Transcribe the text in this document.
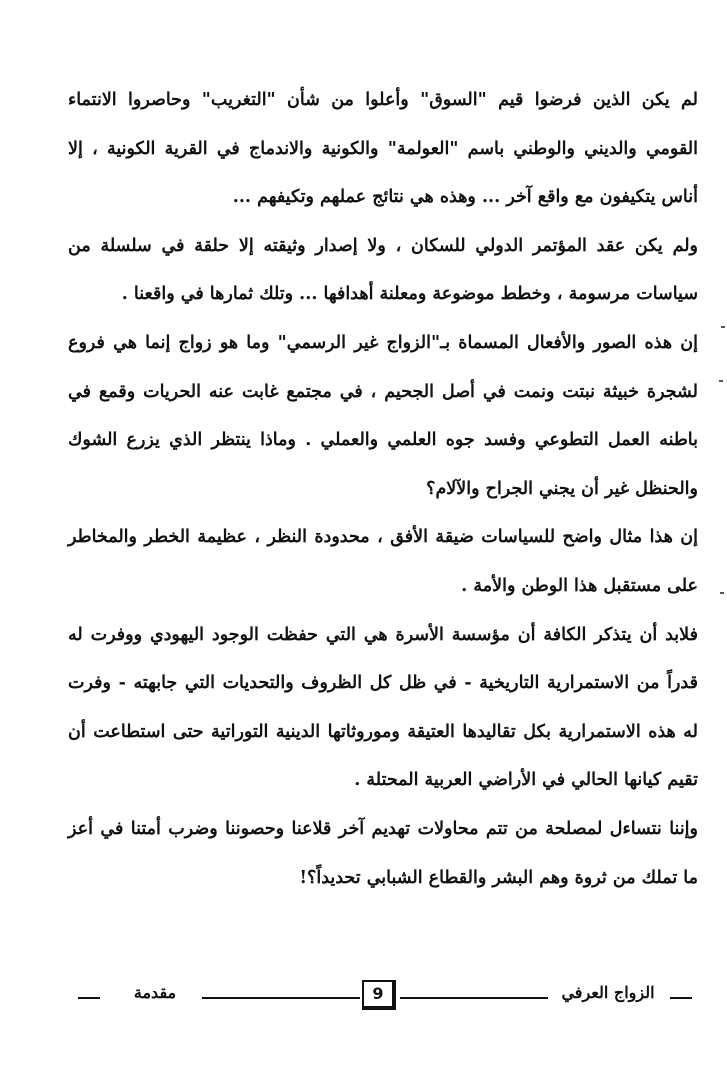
لم يكن الذين فرضوا قيم "السوق" وأعلوا من شأن "التغريب" وحاصروا الانتماء القومي والديني والوطني باسم "العولمة" والكونية والاندماج في القرية الكونية ، إلا أناس يتكيفون مع واقع آخر ... وهذه هي نتائج عملهم وتكيفهم ...

ولم يكن عقد المؤتمر الدولي للسكان ، ولا إصدار وثيقته إلا حلقة في سلسلة من سياسات مرسومة ، وخطط موضوعة ومعلنة أهدافها ... وتلك ثمارها في واقعنا .

إن هذه الصور والأفعال المسماة بـ"الزواج غير الرسمي" وما هو زواج إنما هي فروع لشجرة خبيثة نبتت ونمت في أصل الجحيم ، في مجتمع غابت عنه الحريات وقمع في باطنه العمل التطوعي وفسد جوه العلمي والعملي . وماذا ينتظر الذي يزرع الشوك والحنظل غير أن يجني الجراح والآلام؟

إن هذا مثال واضح للسياسات ضيقة الأفق ، محدودة النظر ، عظيمة الخطر والمخاطر على مستقبل هذا الوطن والأمة .

فلابد أن يتذكر الكافة أن مؤسسة الأسرة هي التي حفظت الوجود اليهودي ووفرت له قدراً من الاستمرارية التاريخية - في ظل كل الظروف والتحديات التي جابهته - وفرت له هذه الاستمرارية بكل تقاليدها العتيقة وموروثاتها الدينية التوراتية حتى استطاعت أن تقيم كيانها الحالي في الأراضي العربية المحتلة .

وإننا نتساءل لمصلحة من تتم محاولات تهديم آخر قلاعنا وحصوننا وضرب أمتنا في أعز ما تملك من ثروة وهم البشر والقطاع الشبابي تحديداً؟!

مقدمة	9	الزواج العرفي
